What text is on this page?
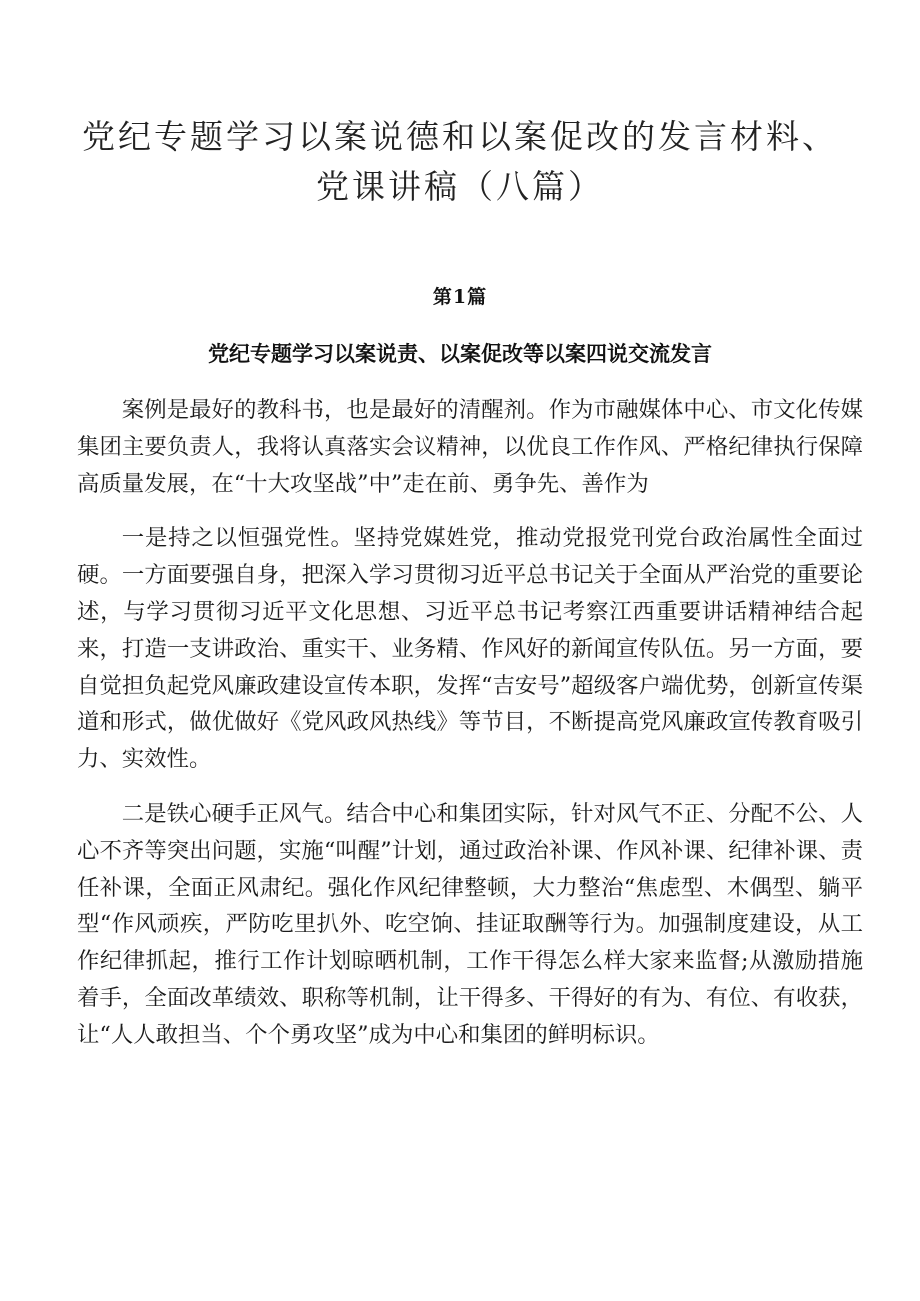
党纪专题学习以案说德和以案促改的发言材料、党课讲稿（八篇）
第1篇
党纪专题学习以案说责、以案促改等以案四说交流发言

案例是最好的教科书，也是最好的清醒剂。作为市融媒体中心、市文化传媒集团主要负责人，我将认真落实会议精神，以优良工作作风、严格纪律执行保障高质量发展，在“十大攻坚战”中”走在前、勇争先、善作为

一是持之以恒强党性。坚持党媒姓党，推动党报党刊党台政治属性全面过硬。一方面要强自身，把深入学习贯彻习近平总书记关于全面从严治党的重要论述，与学习贯彻习近平文化思想、习近平总书记考察江西重要讲话精神结合起来，打造一支讲政治、重实干、业务精、作风好的新闻宣传队伍。另一方面，要自觉担负起党风廉政建设宣传本职，发挥“吉安号”超级客户端优势，创新宣传渠道和形式，做优做好《党风政风热线》等节目，不断提高党风廉政宣传教育吸引力、实效性。

二是铁心硬手正风气。结合中心和集团实际，针对风气不正、分配不公、人心不齐等突出问题，实施“叫醒”计划，通过政治补课、作风补课、纪律补课、责任补课，全面正风肃纪。强化作风纪律整顿，大力整治“焦虑型、木偶型、躺平型“作风顽疾，严防吃里扒外、吃空饷、挂证取酬等行为。加强制度建设，从工作纪律抓起，推行工作计划晾晒机制，工作干得怎么样大家来监督;从激励措施着手，全面改革绩效、职称等机制，让干得多、干得好的有为、有位、有收获，让“人人敢担当、个个勇攻坚”成为中心和集团的鲜明标识。
